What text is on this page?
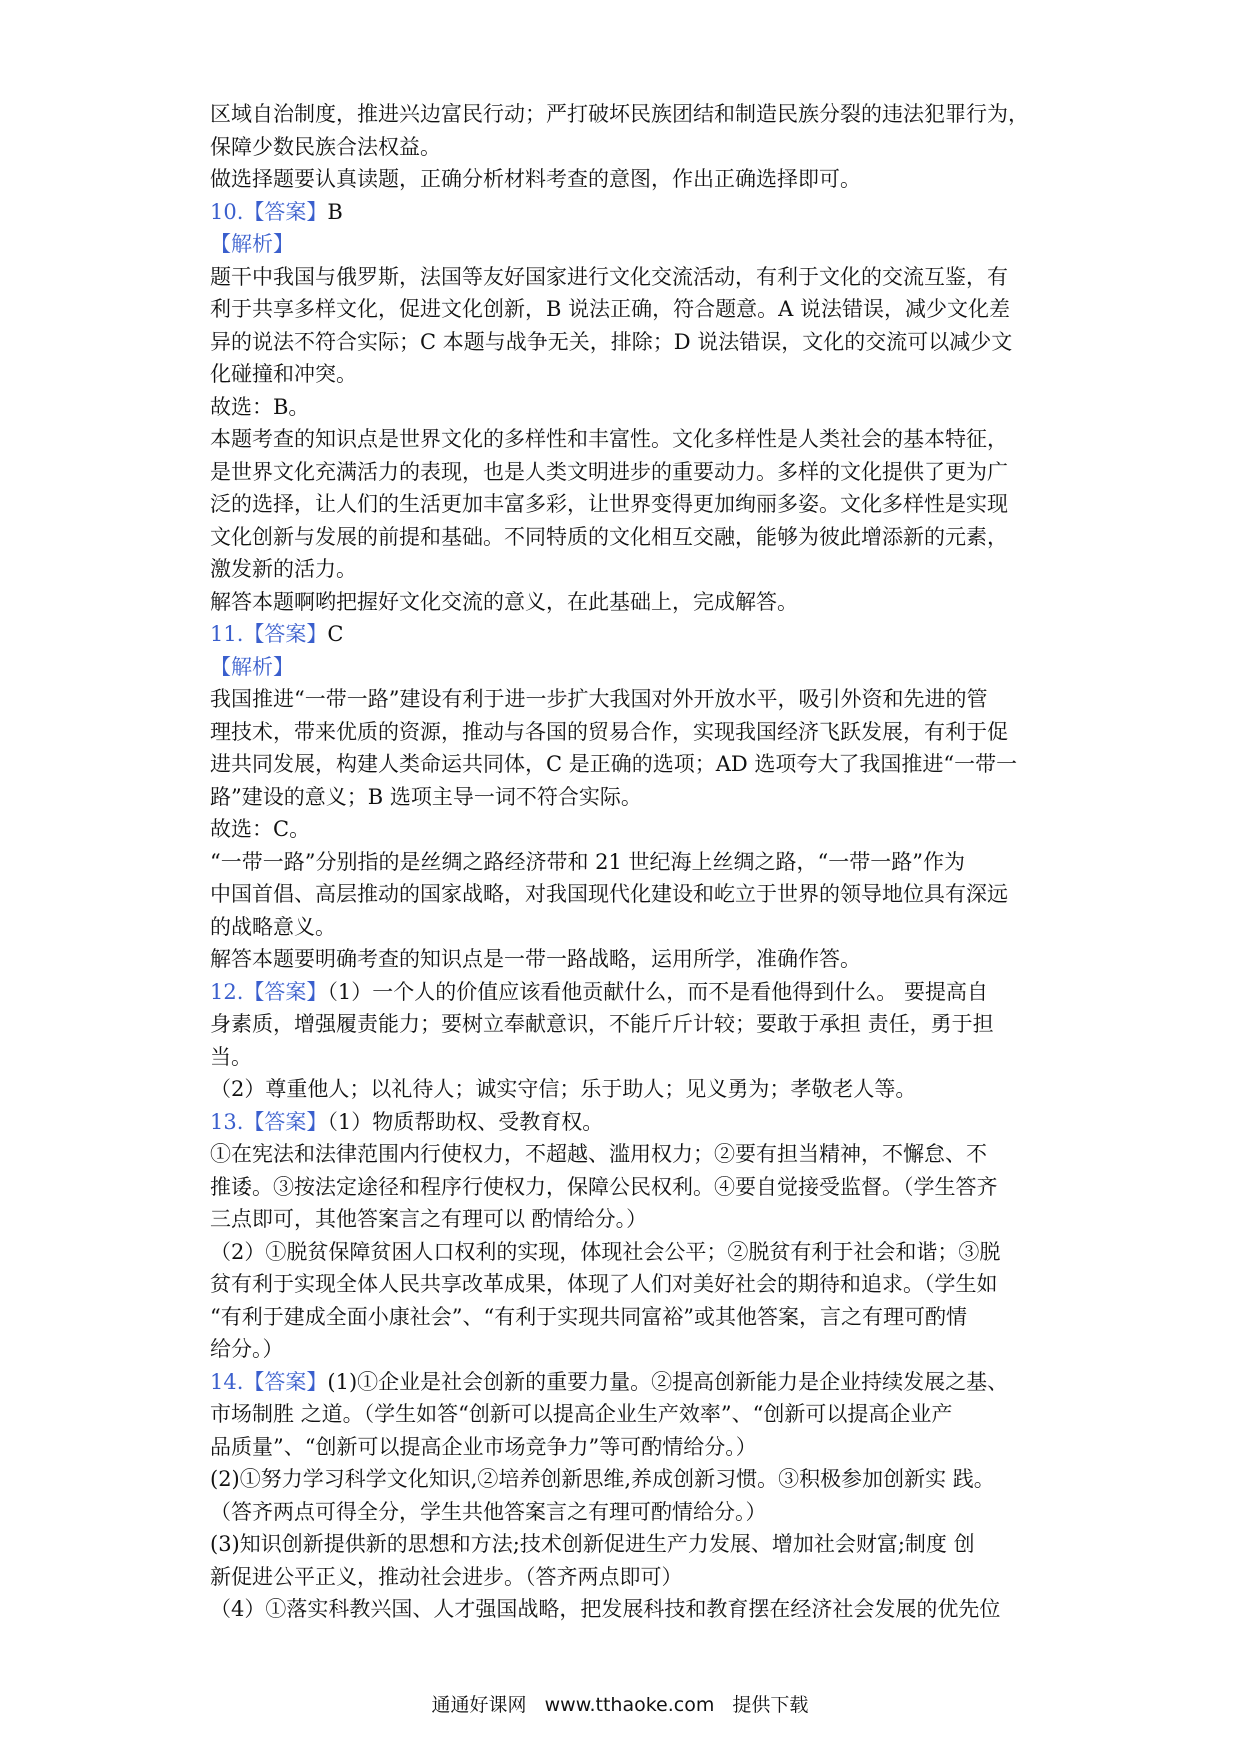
区域自治制度，推进兴边富民行动；严打破坏民族团结和制造民族分裂的违法犯罪行为，

保障少数民族合法权益。

做选择题要认真读题，正确分析材料考查的意图，作出正确选择即可。

10.【答案】B

【解析】

题干中我国与俄罗斯，法国等友好国家进行文化交流活动，有利于文化的交流互鉴，有

利于共享多样文化，促进文化创新，B 说法正确，符合题意。A 说法错误，减少文化差

异的说法不符合实际；C 本题与战争无关，排除；D 说法错误，文化的交流可以减少文

化碰撞和冲突。

故选：B。

本题考查的知识点是世界文化的多样性和丰富性。文化多样性是人类社会的基本特征，

是世界文化充满活力的表现，也是人类文明进步的重要动力。多样的文化提供了更为广

泛的选择，让人们的生活更加丰富多彩，让世界变得更加绚丽多姿。文化多样性是实现

文化创新与发展的前提和基础。不同特质的文化相互交融，能够为彼此增添新的元素，

激发新的活力。

解答本题啊哟把握好文化交流的意义，在此基础上，完成解答。

11.【答案】C

【解析】

我国推进“一带一路”建设有利于进一步扩大我国对外开放水平，吸引外资和先进的管

理技术，带来优质的资源，推动与各国的贸易合作，实现我国经济飞跃发展，有利于促

进共同发展，构建人类命运共同体，C 是正确的选项；AD 选项夸大了我国推进“一带一

路”建设的意义；B 选项主导一词不符合实际。

故选：C。

“一带一路”分别指的是丝绸之路经济带和 21 世纪海上丝绸之路，“一带一路”作为

中国首倡、高层推动的国家战略，对我国现代化建设和屹立于世界的领导地位具有深远

的战略意义。

解答本题要明确考查的知识点是一带一路战略，运用所学，准确作答。

12.【答案】（1）一个人的价值应该看他贡献什么，而不是看他得到什么。 要提高自

身素质，增强履责能力；要树立奉献意识，不能斤斤计较；要敢于承担 责任，勇于担

当。

（2）尊重他人；以礼待人；诚实守信；乐于助人；见义勇为；孝敬老人等。

13.【答案】（1）物质帮助权、受教育权。

①在宪法和法律范围内行使权力，不超越、滥用权力；②要有担当精神，不懈怠、不

推诿。③按法定途径和程序行使权力，保障公民权利。④要自觉接受监督。（学生答齐

三点即可，其他答案言之有理可以 酌情给分。）

（2）①脱贫保障贫困人口权利的实现，体现社会公平；②脱贫有利于社会和谐；③脱

贫有利于实现全体人民共享改革成果，体现了人们对美好社会的期待和追求。（学生如

“有利于建成全面小康社会”、“有利于实现共同富裕”或其他答案，言之有理可酌情

给分。）

14.【答案】(1)①企业是社会创新的重要力量。②提高创新能力是企业持续发展之基、

市场制胜 之道。（学生如答“创新可以提高企业生产效率”、“创新可以提高企业产

品质量”、“创新可以提高企业市场竞争力”等可酌情给分。）

(2)①努力学习科学文化知识,②培养创新思维,养成创新习惯。③积极参加创新实 践。

（答齐两点可得全分，学生共他答案言之有理可酌情给分。）

(3)知识创新提供新的思想和方法;技术创新促进生产力发展、增加社会财富;制度 创

新促进公平正义，推动社会进步。（答齐两点即可）

（4）①落实科教兴国、人才强国战略，把发展科技和教育摆在经济社会发展的优先位

通通好课网 www.tthaoke.com 提供下载
